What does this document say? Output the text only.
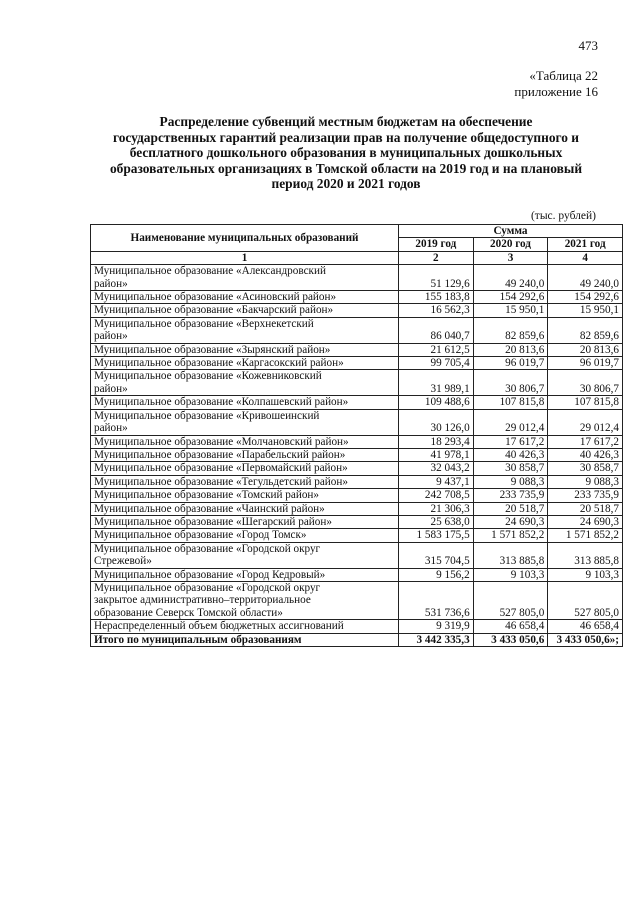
473
«Таблица 22
приложение 16
Распределение субвенций местным бюджетам на обеспечение
государственных гарантий реализации прав на получение общедоступного и
бесплатного дошкольного образования в муниципальных дошкольных
образовательных организациях в Томской области на 2019 год и на плановый
период 2020 и 2021 годов
(тыс. рублей)
Наименование муниципальных образований	Сумма		
	2019 год	2020 год	2021 год
1	2	3	4

Муниципальное образование «Александровский
район»	51 129,6	49 240,0	49 240,0

Муниципальное образование «Асиновский район»	155 183,8	154 292,6	154 292,6

Муниципальное образование «Бакчарский район»	16 562,3	15 950,1	15 950,1

Муниципальное образование «Верхнекетский
район»	86 040,7	82 859,6	82 859,6

Муниципальное образование «Зырянский район»	21 612,5	20 813,6	20 813,6

Муниципальное образование «Каргасокский район»	99 705,4	96 019,7	96 019,7

Муниципальное образование «Кожевниковский
район»	31 989,1	30 806,7	30 806,7

Муниципальное образование «Колпашевский район»	109 488,6	107 815,8	107 815,8

Муниципальное образование «Кривошеинский
район»	30 126,0	29 012,4	29 012,4

Муниципальное образование «Молчановский район»	18 293,4	17 617,2	17 617,2

Муниципальное образование «Парабельский район»	41 978,1	40 426,3	40 426,3

Муниципальное образование «Первомайский район»	32 043,2	30 858,7	30 858,7

Муниципальное образование «Тегульдетский район»	9 437,1	9 088,3	9 088,3

Муниципальное образование «Томский район»	242 708,5	233 735,9	233 735,9

Муниципальное образование «Чаинский район»	21 306,3	20 518,7	20 518,7

Муниципальное образование «Шегарский район»	25 638,0	24 690,3	24 690,3

Муниципальное образование «Город Томск»	1 583 175,5	1 571 852,2	1 571 852,2

Муниципальное образование «Городской округ
Стрежевой»	315 704,5	313 885,8	313 885,8

Муниципальное образование «Город Кедровый»	9 156,2	9 103,3	9 103,3

Муниципальное образование «Городской округ
закрытое административно–территориальное
образование Северск Томской области»	531 736,6	527 805,0	527 805,0

Нераспределенный объем бюджетных ассигнований	9 319,9	46 658,4	46 658,4
Итого по муниципальным образованиям	3 442 335,3	3 433 050,6	3 433 050,6»;
